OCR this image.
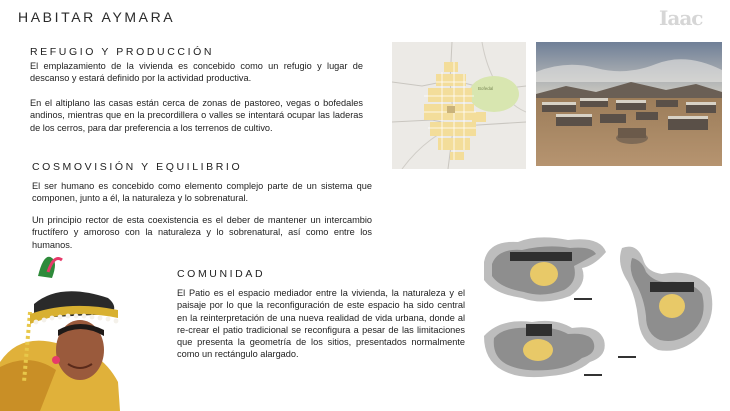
HABITAR AYMARA	Iaac
REFUGIO Y PRODUCCIÓN
El emplazamiento de la vivienda es concebido como un refugio y lugar de descanso y estará definido por la actividad productiva.
En el altiplano las casas están cerca de zonas de pastoreo, vegas o bofedales andinos, mientras que en la precordillera o valles se intentará ocupar las laderas de los cerros, para dar preferencia a los terrenos de cultivo.
COSMOVISIÓN Y EQUILIBRIO
El ser humano es concebido como elemento complejo parte de un sistema que componen, junto a él, la naturaleza y lo sobrenatural.
Un principio rector de esta coexistencia es el deber de mantener un intercambio fructífero y amoroso con la naturaleza y lo sobrenatural, así como entre los humanos.
COMUNIDAD
El Patio es el espacio mediador entre la vivienda, la naturaleza y el paisaje por lo que la reconfiguración de este espacio ha sido central en la reinterpretación de una nueva realidad de vida urbana, donde al re-crear el patio tradicional se reconfigura a pesar de las limitaciones que presenta la geometría de los sitios, presentados normalmente como un rectángulo alargado.
Bofedal
